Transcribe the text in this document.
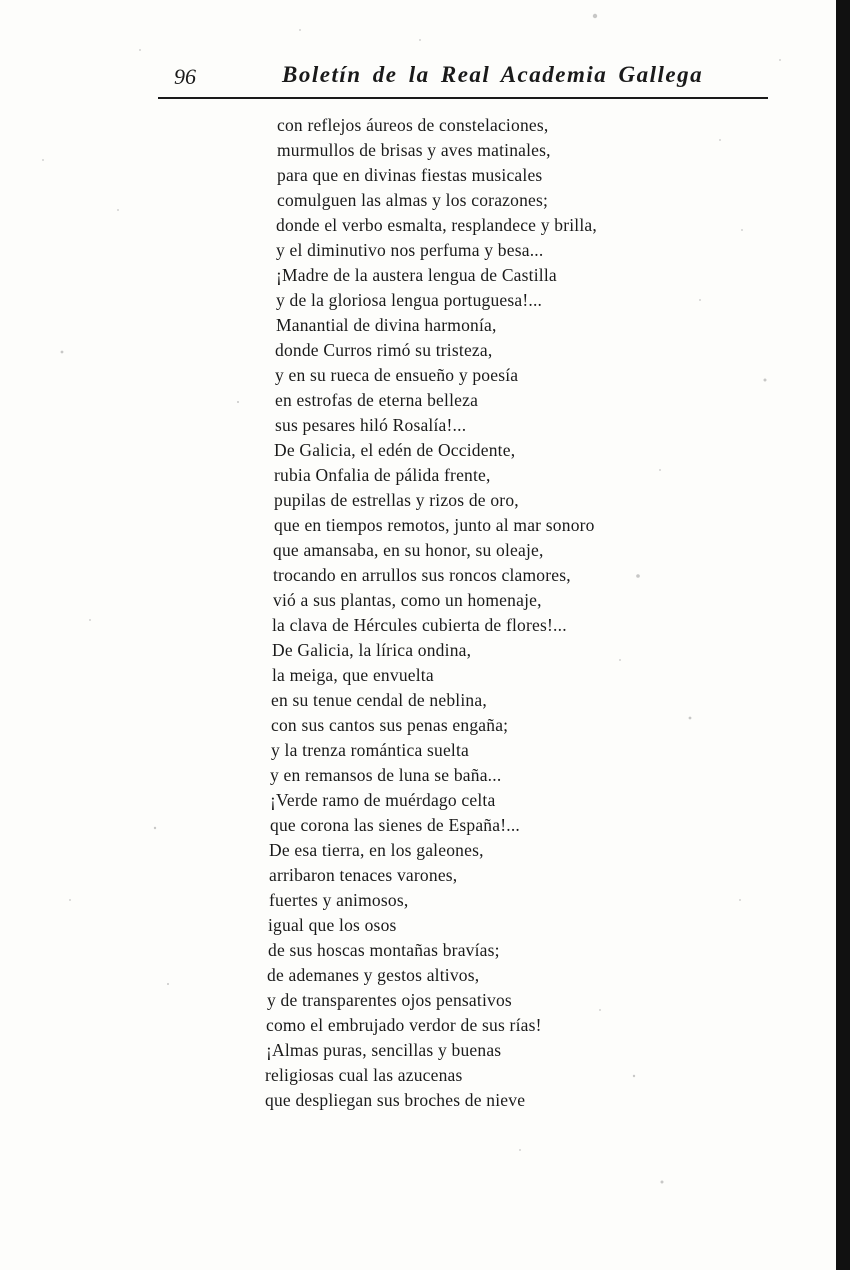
96	Boletín de la Real Academia Gallega
con reflejos áureos de constelaciones,
murmullos de brisas y aves matinales,
para que en divinas fiestas musicales
comulguen las almas y los corazones;
donde el verbo esmalta, resplandece y brilla,
y el diminutivo nos perfuma y besa...
¡Madre de la austera lengua de Castilla
y de la gloriosa lengua portuguesa!...
Manantial de divina harmonía,
donde Curros rimó su tristeza,
y en su rueca de ensueño y poesía
en estrofas de eterna belleza
sus pesares hiló Rosalía!...
De Galicia, el edén de Occidente,
rubia Onfalia de pálida frente,
pupilas de estrellas y rizos de oro,
que en tiempos remotos, junto al mar sonoro
que amansaba, en su honor, su oleaje,
trocando en arrullos sus roncos clamores,
vió a sus plantas, como un homenaje,
la clava de Hércules cubierta de flores!...
De Galicia, la lírica ondina,
la meiga, que envuelta
en su tenue cendal de neblina,
con sus cantos sus penas engaña;
y la trenza romántica suelta
y en remansos de luna se baña...
¡Verde ramo de muérdago celta
que corona las sienes de España!...
De esa tierra, en los galeones,
arribaron tenaces varones,
fuertes y animosos,
igual que los osos
de sus hoscas montañas bravías;
de ademanes y gestos altivos,
y de transparentes ojos pensativos
como el embrujado verdor de sus rías!
¡Almas puras, sencillas y buenas
religiosas cual las azucenas
que despliegan sus broches de nieve
